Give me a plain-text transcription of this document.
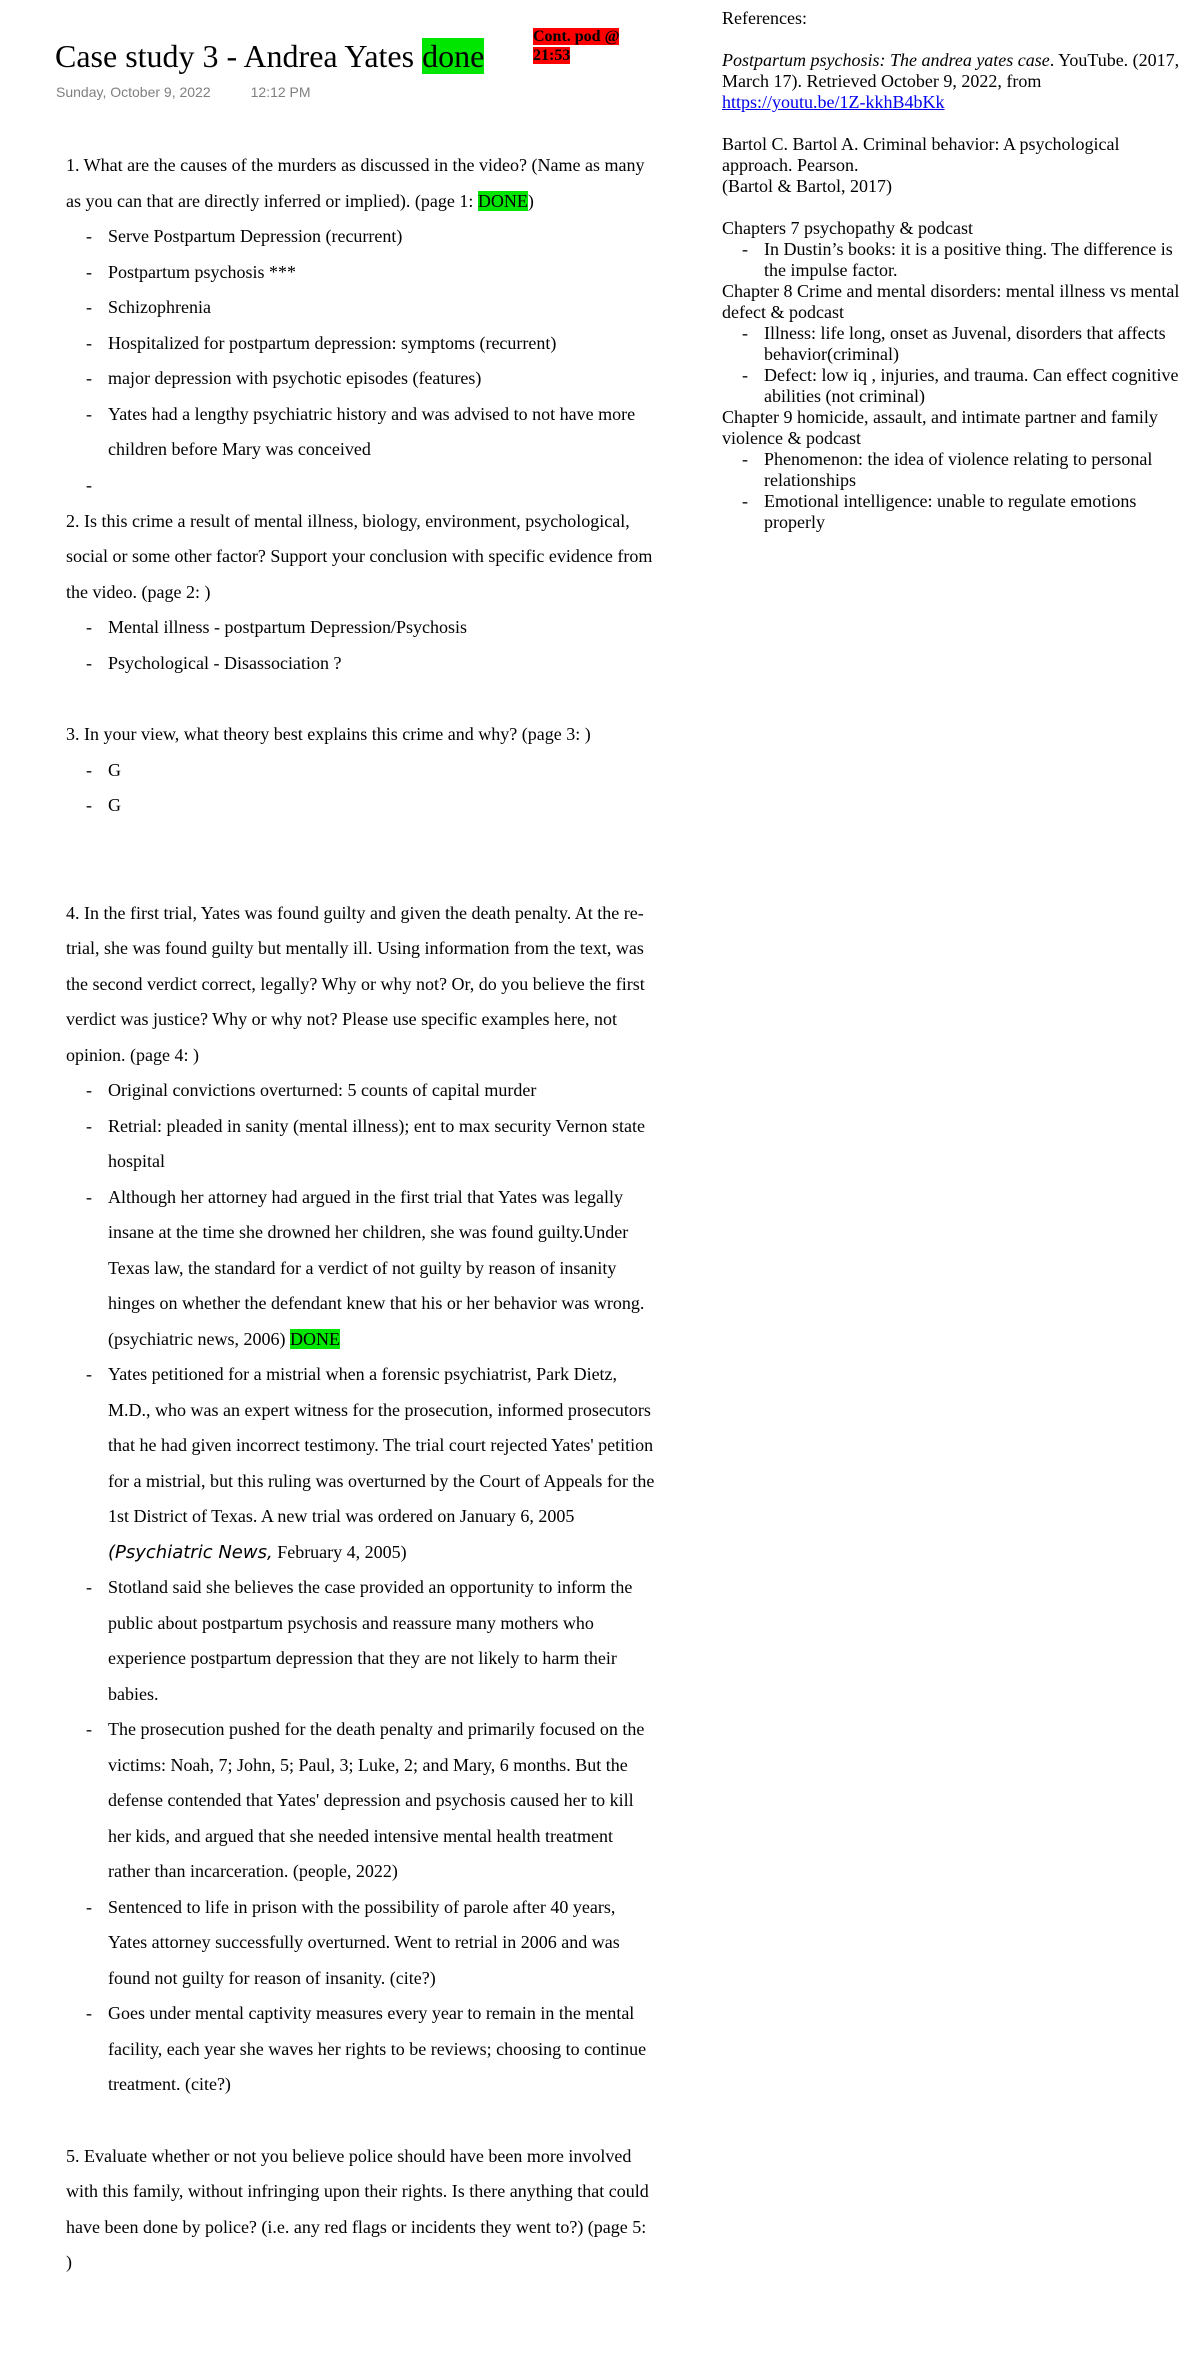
Case study 3 - Andrea Yates done
Cont. pod @ 21:53
Sunday, October 9, 2022	12:12 PM

1. What are the causes of the murders as discussed in the video? (Name as many as you can that are directly inferred or implied). (page 1: DONE)

- Serve Postpartum Depression (recurrent)
- Postpartum psychosis ***
- Schizophrenia
- Hospitalized for postpartum depression: symptoms (recurrent)
- major depression with psychotic episodes (features)
- Yates had a lengthy psychiatric history and was advised to not have more children before Mary was conceived

2. Is this crime a result of mental illness, biology, environment, psychological, social or some other factor? Support your conclusion with specific evidence from the video. (page 2: )

- Mental illness - postpartum Depression/Psychosis
- Psychological - Disassociation ?

3. In your view, what theory best explains this crime and why? (page 3: )

- G
- G

4. In the first trial, Yates was found guilty and given the death penalty. At the re-trial, she was found guilty but mentally ill. Using information from the text, was the second verdict correct, legally? Why or why not? Or, do you believe the first verdict was justice? Why or why not? Please use specific examples here, not opinion. (page 4: )

- Original convictions overturned: 5 counts of capital murder
- Retrial: pleaded in sanity (mental illness); ent to max security Vernon state hospital
- Although her attorney had argued in the first trial that Yates was legally insane at the time she drowned her children, she was found guilty.Under Texas law, the standard for a verdict of not guilty by reason of insanity hinges on whether the defendant knew that his or her behavior was wrong. (psychiatric news, 2006) DONE
- Yates petitioned for a mistrial when a forensic psychiatrist, Park Dietz, M.D., who was an expert witness for the prosecution, informed prosecutors that he had given incorrect testimony. The trial court rejected Yates' petition for a mistrial, but this ruling was overturned by the Court of Appeals for the 1st District of Texas. A new trial was ordered on January 6, 2005 (Psychiatric News, February 4, 2005)
- Stotland said she believes the case provided an opportunity to inform the public about postpartum psychosis and reassure many mothers who experience postpartum depression that they are not likely to harm their babies.
- The prosecution pushed for the death penalty and primarily focused on the victims: Noah, 7; John, 5; Paul, 3; Luke, 2; and Mary, 6 months. But the defense contended that Yates' depression and psychosis caused her to kill her kids, and argued that she needed intensive mental health treatment rather than incarceration. (people, 2022)
- Sentenced to life in prison with the possibility of parole after 40 years, Yates attorney successfully overturned. Went to retrial in 2006 and was found not guilty for reason of insanity. (cite?)
- Goes under mental captivity measures every year to remain in the mental facility, each year she waves her rights to be reviews; choosing to continue treatment. (cite?)

5. Evaluate whether or not you believe police should have been more involved with this family, without infringing upon their rights. Is there anything that could have been done by police? (i.e. any red flags or incidents they went to?) (page 5: )

References:

Postpartum psychosis: The andrea yates case. YouTube. (2017, March 17). Retrieved October 9, 2022, from
https://youtu.be/1Z-kkhB4bKk

Bartol C. Bartol A. Criminal behavior: A psychological approach. Pearson.
(Bartol & Bartol, 2017)

Chapters 7 psychopathy & podcast

- In Dustin’s books: it is a positive thing. The difference is the impulse factor.

Chapter 8 Crime and mental disorders: mental illness vs mental defect & podcast

- Illness: life long, onset as Juvenal, disorders that affects behavior(criminal)
- Defect: low iq , injuries, and trauma. Can effect cognitive abilities (not criminal)

Chapter 9 homicide, assault, and intimate partner and family violence & podcast

- Phenomenon: the idea of violence relating to personal relationships
- Emotional intelligence: unable to regulate emotions properly
